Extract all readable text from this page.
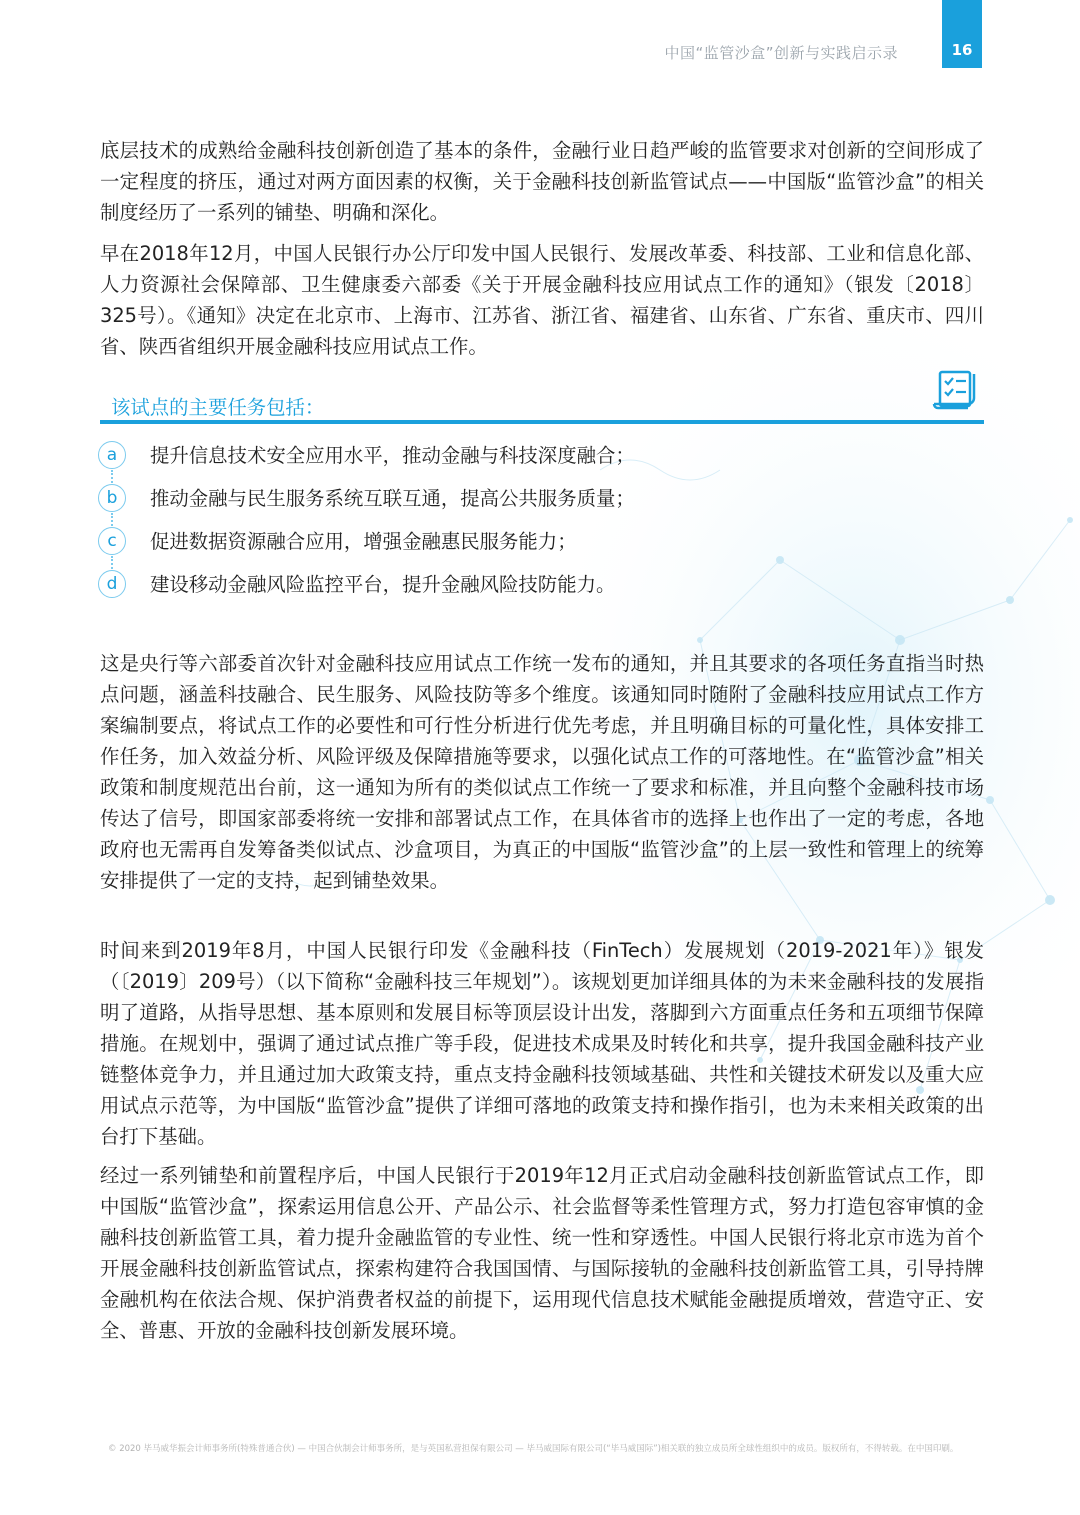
中国“监管沙盒”创新与实践启示录	16

底层技术的成熟给金融科技创新创造了基本的条件，金融行业日趋严峻的监管要求对创新的空间形成了一定程度的挤压，通过对两方面因素的权衡，关于金融科技创新监管试点——中国版“监管沙盒”的相关制度经历了一系列的铺垫、明确和深化。

早在2018年12月，中国人民银行办公厅印发中国人民银行、发展改革委、科技部、工业和信息化部、人力资源社会保障部、卫生健康委六部委《关于开展金融科技应用试点工作的通知》（银发〔2018〕325号）。《通知》决定在北京市、上海市、江苏省、浙江省、福建省、山东省、广东省、重庆市、四川省、陕西省组织开展金融科技应用试点工作。

该试点的主要任务包括：
a	提升信息技术安全应用水平，推动金融与科技深度融合；
b	推动金融与民生服务系统互联互通，提高公共服务质量；
c	促进数据资源融合应用，增强金融惠民服务能力；
d	建设移动金融风险监控平台，提升金融风险技防能力。

这是央行等六部委首次针对金融科技应用试点工作统一发布的通知，并且其要求的各项任务直指当时热点问题，涵盖科技融合、民生服务、风险技防等多个维度。该通知同时随附了金融科技应用试点工作方案编制要点，将试点工作的必要性和可行性分析进行优先考虑，并且明确目标的可量化性，具体安排工作任务，加入效益分析、风险评级及保障措施等要求，以强化试点工作的可落地性。在“监管沙盒”相关政策和制度规范出台前，这一通知为所有的类似试点工作统一了要求和标准，并且向整个金融科技市场传达了信号，即国家部委将统一安排和部署试点工作，在具体省市的选择上也作出了一定的考虑，各地政府也无需再自发筹备类似试点、沙盒项目，为真正的中国版“监管沙盒”的上层一致性和管理上的统筹安排提供了一定的支持，起到铺垫效果。

时间来到2019年8月，中国人民银行印发《金融科技（FinTech）发展规划（2019-2021年）》银发（〔2019〕209号）（以下简称“金融科技三年规划”）。该规划更加详细具体的为未来金融科技的发展指明了道路，从指导思想、基本原则和发展目标等顶层设计出发，落脚到六方面重点任务和五项细节保障措施。在规划中，强调了通过试点推广等手段，促进技术成果及时转化和共享，提升我国金融科技产业链整体竞争力，并且通过加大政策支持，重点支持金融科技领域基础、共性和关键技术研发以及重大应用试点示范等，为中国版“监管沙盒”提供了详细可落地的政策支持和操作指引，也为未来相关政策的出台打下基础。

经过一系列铺垫和前置程序后，中国人民银行于2019年12月正式启动金融科技创新监管试点工作，即中国版“监管沙盒”，探索运用信息公开、产品公示、社会监督等柔性管理方式，努力打造包容审慎的金融科技创新监管工具，着力提升金融监管的专业性、统一性和穿透性。中国人民银行将北京市选为首个开展金融科技创新监管试点，探索构建符合我国国情、与国际接轨的金融科技创新监管工具，引导持牌金融机构在依法合规、保护消费者权益的前提下，运用现代信息技术赋能金融提质增效，营造守正、安全、普惠、开放的金融科技创新发展环境。

© 2020 毕马威华振会计师事务所(特殊普通合伙) — 中国合伙制会计师事务所，是与英国私营担保有限公司 — 毕马威国际有限公司(“毕马威国际”)相关联的独立成员所全球性组织中的成员。版权所有，不得转载。在中国印刷。
